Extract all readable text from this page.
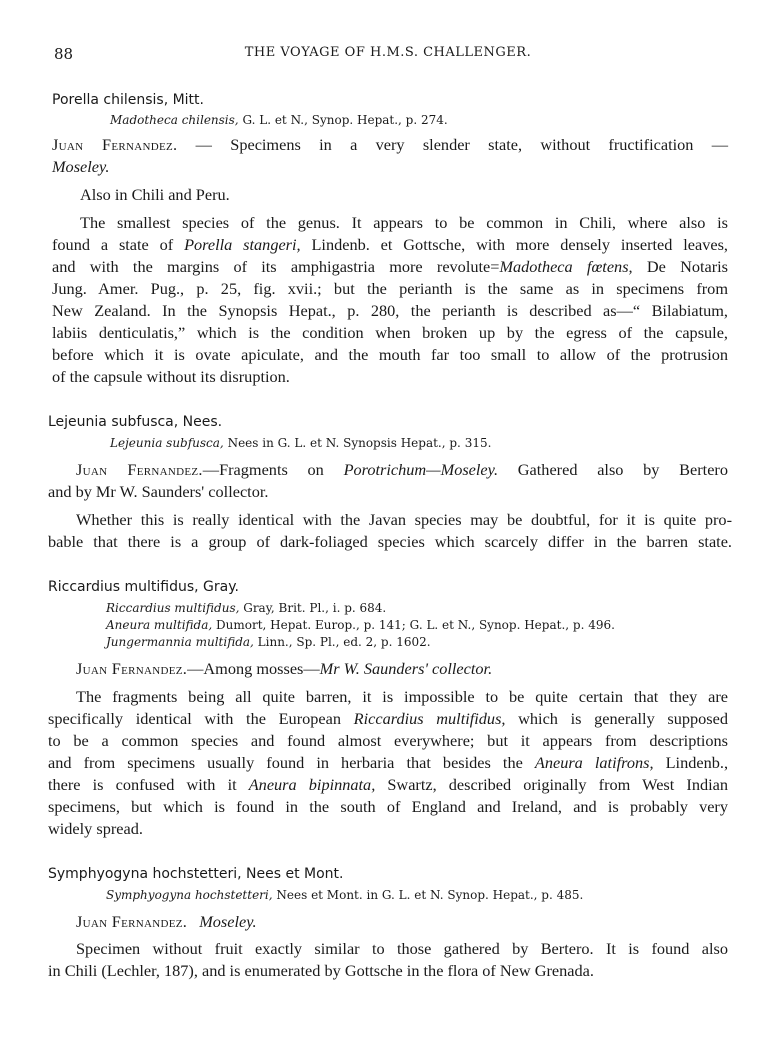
88	THE VOYAGE OF H.M.S. CHALLENGER.
Porella chilensis, Mitt.
Madotheca chilensis, G. L. et N., Synop. Hepat., p. 274.
Juan Fernandez. — Specimens in a very slender state, without fructification —
Moseley.
Also in Chili and Peru.
The smallest species of the genus. It appears to be common in Chili, where also is
found a state of Porella stangeri, Lindenb. et Gottsche, with more densely inserted leaves,
and with the margins of its amphigastria more revolute=Madotheca fœtens, De Notaris
Jung. Amer. Pug., p. 25, fig. xvii.; but the perianth is the same as in specimens from
New Zealand. In the Synopsis Hepat., p. 280, the perianth is described as—“ Bilabiatum,
labiis denticulatis,” which is the condition when broken up by the egress of the capsule,
before which it is ovate apiculate, and the mouth far too small to allow of the protrusion
of the capsule without its disruption.
Lejeunia subfusca, Nees.
Lejeunia subfusca, Nees in G. L. et N. Synopsis Hepat., p. 315.
Juan Fernandez.—Fragments on Porotrichum—Moseley. Gathered also by Bertero
and by Mr W. Saunders' collector.
Whether this is really identical with the Javan species may be doubtful, for it is quite pro-
bable that there is a group of dark-foliaged species which scarcely differ in the barren state.
Riccardius multifidus, Gray.
Riccardius multifidus, Gray, Brit. Pl., i. p. 684.
Aneura multifida, Dumort, Hepat. Europ., p. 141; G. L. et N., Synop. Hepat., p. 496.
Jungermannia multifida, Linn., Sp. Pl., ed. 2, p. 1602.
Juan Fernandez.—Among mosses—Mr W. Saunders' collector.
The fragments being all quite barren, it is impossible to be quite certain that they are
specifically identical with the European Riccardius multifidus, which is generally supposed
to be a common species and found almost everywhere; but it appears from descriptions
and from specimens usually found in herbaria that besides the Aneura latifrons, Lindenb.,
there is confused with it Aneura bipinnata, Swartz, described originally from West Indian
specimens, but which is found in the south of England and Ireland, and is probably very
widely spread.
Symphyogyna hochstetteri, Nees et Mont.
Symphyogyna hochstetteri, Nees et Mont. in G. L. et N. Synop. Hepat., p. 485.
Juan Fernandez. Moseley.
Specimen without fruit exactly similar to those gathered by Bertero. It is found also
in Chili (Lechler, 187), and is enumerated by Gottsche in the flora of New Grenada.
